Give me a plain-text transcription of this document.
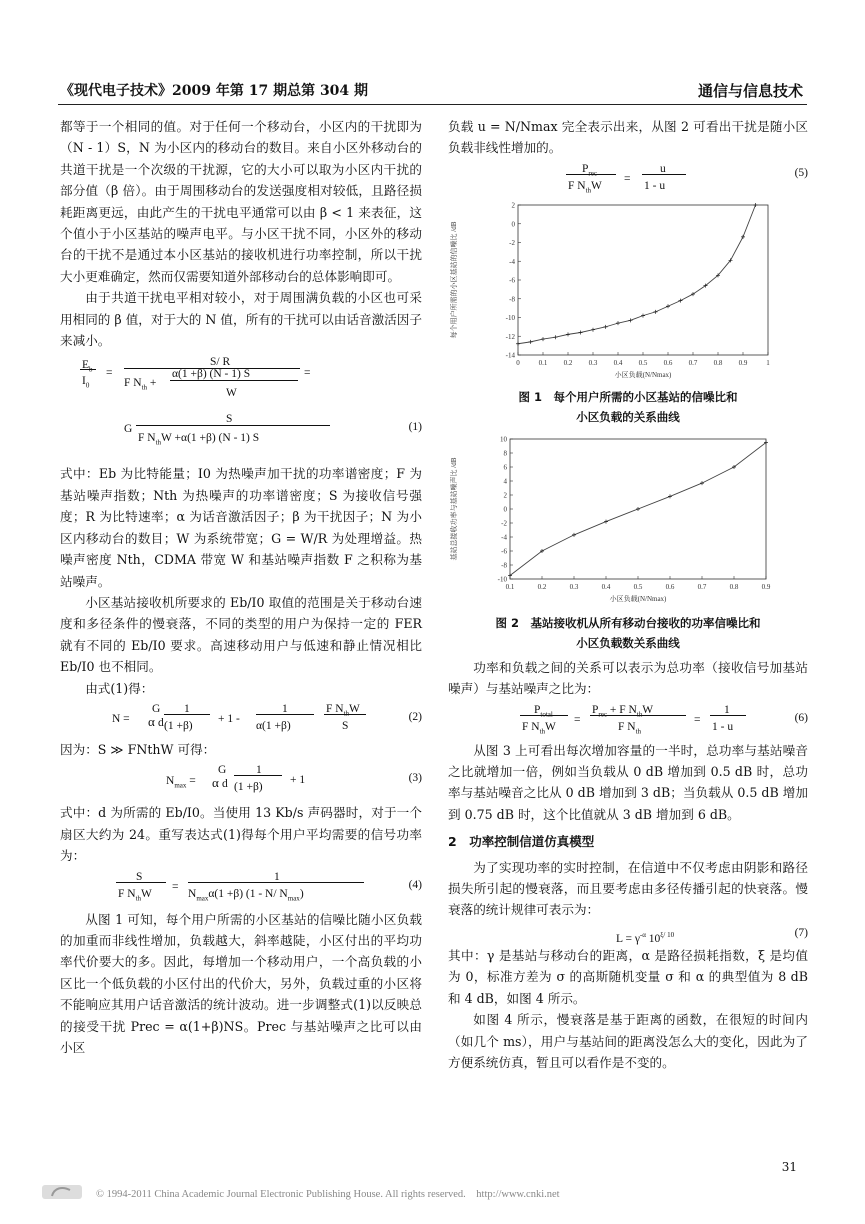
《现代电子技术》2009 年第 17 期总第 304 期	通信与信息技术

都等于一个相同的值。对于任何一个移动台，小区内的干扰即为（N - 1）S，N 为小区内的移动台的数目。来自小区外移动台的共道干扰是一个次级的干扰源，它的大小可以取为小区内干扰的部分值（β 倍）。由于周围移动台的发送强度相对较低，且路径损耗距离更远，由此产生的干扰电平通常可以由 β < 1 来表征，这个值小于小区基站的噪声电平。与小区干扰不同，小区外的移动台的干扰不是通过本小区基站的接收机进行功率控制，所以干扰大小更难确定，然而仅需要知道外部移动台的总体影响即可。

由于共道干扰电平相对较小，对于周围满负载的小区也可采用相同的 β 值，对于大的 N 值，所有的干扰可以由话音激活因子来减小。

$E_b$
$I_0$
=
S/ R
F $N_{th}$ +
α(1 +β) (N - 1) S
W
=
S
G
F $N_{th}W +\alpha(1 +\beta)$ (N - 1) S
(1)

式中：Eb 为比特能量；I0 为热噪声加干扰的功率谱密度；F 为基站噪声指数；Nth 为热噪声的功率谱密度；S 为接收信号强度；R 为比特速率；α 为话音激活因子；β 为干扰因子；N 为小区内移动台的数目；W 为系统带宽；G = W/R 为处理增益。热噪声密度 Nth，CDMA 带宽 W 和基站噪声指数 F 之积称为基站噪声。

小区基站接收机所要求的 Eb/I0 取值的范围是关于移动台速度和多径条件的慢衰落，不同的类型的用户为保持一定的 FER 就有不同的 Eb/I0 要求。高速移动用户与低速和静止情况相比 Eb/I0 也不相同。

由式(1)得：

N =
G
α d
1
(1 +β)
+ 1 -
1
α(1 +β)
F $N_{th}W$
S
(2)

因为：S ≫ FNthW 可得：

$N_{max}$ =
G
α d
1
(1 +β)
+ 1	(3)

式中：d 为所需的 Eb/I0。当使用 13 Kb/s 声码器时，对于一个扇区大约为 24。重写表达式(1)得每个用户平均需要的信号功率为：

S
F $N_{th}W$
=
1
$N_{max}\alpha(1 +\beta)$ (1 - N/ $N_{max}$)
(4)

从图 1 可知，每个用户所需的小区基站的信噪比随小区负载的加重而非线性增加，负载越大，斜率越陡，小区付出的平均功率代价要大的多。因此，每增加一个移动用户，一个高负载的小区比一个低负载的小区付出的代价大，另外，负载过重的小区将不能响应其用户话音激活的统计波动。进一步调整式(1)以反映总的接受干扰 Prec = α(1+β)NS。Prec 与基站噪声之比可以由小区

负载 u = N/Nmax 完全表示出来，从图 2 可看出干扰是随小区负载非线性增加的。

$P_{rec}$
F $N_{th}W$
=
u
1 - u
(5)
0	0.1 0.2 0.3 0.4 0.5 0.6 0.7 0.8 0.9	1
2
0
-2
-4
-6
-8
-10
-12
-14
小区负载(N/Nmax)
每个用户所需的小区基站的信噪比 /dB
图 1　每个用户所需的小区基站的信噪比和
小区负载的关系曲线
0.1	0.2	0.3	0.4	0.5	0.6	0.7	0.8	0.9
10
8
6
4
2
0
-2
-4
-6
-8
-10
小区负载(N/Nmax)
基站总接收功率与基站噪声比 /dB
图 2　基站接收机从所有移动台接收的功率信噪比和
小区负载数关系曲线

功率和负载之间的关系可以表示为总功率（接收信号加基站噪声）与基站噪声之比为：

$P_{total}$
F $N_{th}W$
=
$P_{rec} + F$ $N_{th}W$
F $N_{th}$
=
1
1 - u
(6)

从图 3 上可看出每次增加容量的一半时，总功率与基站噪音之比就增加一倍，例如当负载从 0 dB 增加到 0.5 dB 时，总功率与基站噪音之比从 0 dB 增加到 3 dB；当负载从 0.5 dB 增加到 0.75 dB 时，这个比值就从 3 dB 增加到 6 dB。

2　功率控制信道仿真模型

为了实现功率的实时控制，在信道中不仅考虑由阴影和路径损失所引起的慢衰落，而且要考虑由多径传播引起的快衰落。慢衰落的统计规律可表示为：

$L = \gamma^{-\alpha}$ $10^{\xi/ 10}$	(7)

其中：γ 是基站与移动台的距离，α 是路径损耗指数，ξ 是均值为 0，标准方差为 σ 的高斯随机变量 σ 和 α 的典型值为 8 dB 和 4 dB，如图 4 所示。

如图 4 所示，慢衰落是基于距离的函数，在很短的时间内（如几个 ms），用户与基站间的距离没怎么大的变化，因此为了方便系统仿真，暂且可以看作是不变的。

31
© 1994-2011 China Academic Journal Electronic Publishing House. All rights reserved.　http://www.cnki.net
